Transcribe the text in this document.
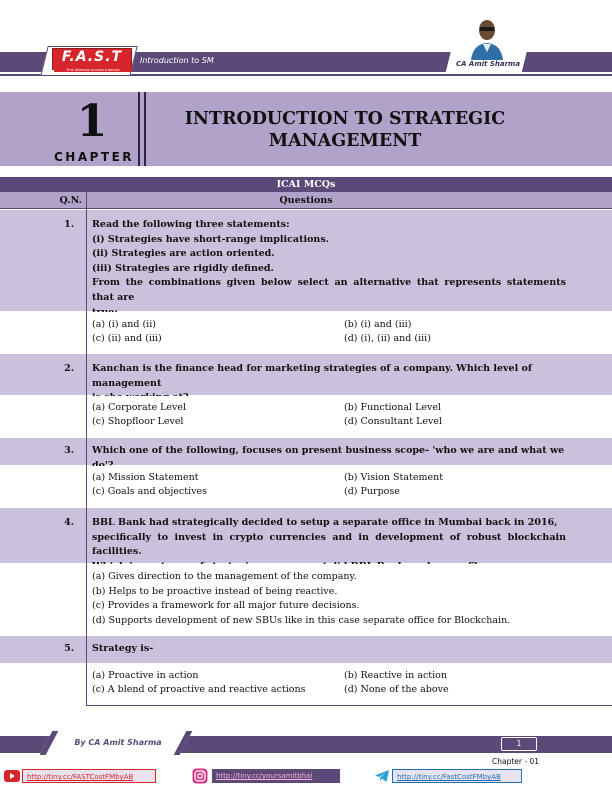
F.A.S.T
First attempt success tutorials
Introduction to SM	CA Amit Sharma
1
CHAPTER
INTRODUCTION TO STRATEGIC
MANAGEMENT
ICAI MCQs
Q.N.	Questions
1. Read the following three statements:
(i) Strategies have short-range implications.
(ii) Strategies are action oriented.
(iii) Strategies are rigidly defined.
From the combinations given below select an alternative that represents statements that are
(a) (i) and (ii)	(b) (i) and (iii)
(c) (ii) and (iii)	(d) (i), (ii) and (iii)
2. Kanchan is the finance head for marketing strategies of a company. Which level of management
(a) Corporate Level	(b) Functional Level
(c) Shopfloor Level	(d) Consultant Level
3. Which one of the following, focuses on present business scope- 'who we are and what we
(a) Mission Statement	(b) Vision Statement
(c) Goals and objectives	(d) Purpose
4. BBL Bank had strategically decided to setup a separate office in Mumbai back in 2016,
specifically to invest in crypto currencies and in development of robust blockchain facilities.
(a) Gives direction to the management of the company.
(b) Helps to be proactive instead of being reactive.
(c) Provides a framework for all major future decisions.
(d) Supports development of new SBUs like in this case separate office for Blockchain.
5. Strategy is-
(a) Proactive in action	(b) Reactive in action
(c) A blend of proactive and reactive actions	(d) None of the above
By CA Amit Sharma	1
Chapter - 01
http://tiny.cc/FASTCostFMbyAB	http://tiny.cc/yoursamitbhai	http://tiny.cc/FastCostFMbyAB
